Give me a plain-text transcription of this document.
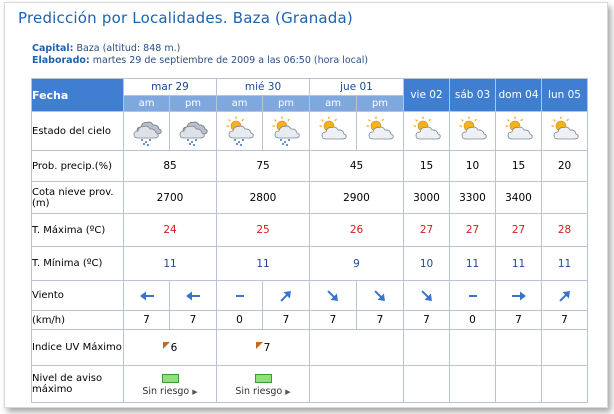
Predicción por Localidades. Baza (Granada)
Capital: Baza (altitud: 848 m.)
Elaborado: martes 29 de septiembre de 2009 a las 06:50 (hora local)
Fecha	mar 29		mié 30		jue 01		vie 02	sáb 03	dom 04	lun 05
	am	pm	am	pm	am	pm				
Estado del cielo	

Prob. precip.(%)	85		75		45		15	10	15	20
Cota nieve prov.(m)	2700		2800		2900		3000	3300	3400	
T. Máxima (ºC)	24		25		26		27	27	27	28
T. Mínima (ºC)	11		11		9		10	11	11	11
Viento	

(km/h)	7	7	0	7	7	7	7	0	7	7
Indice UV Máximo	6		7							
Nivel de aviso máximo	Sin riesgo ▶		Sin riesgo ▶							
